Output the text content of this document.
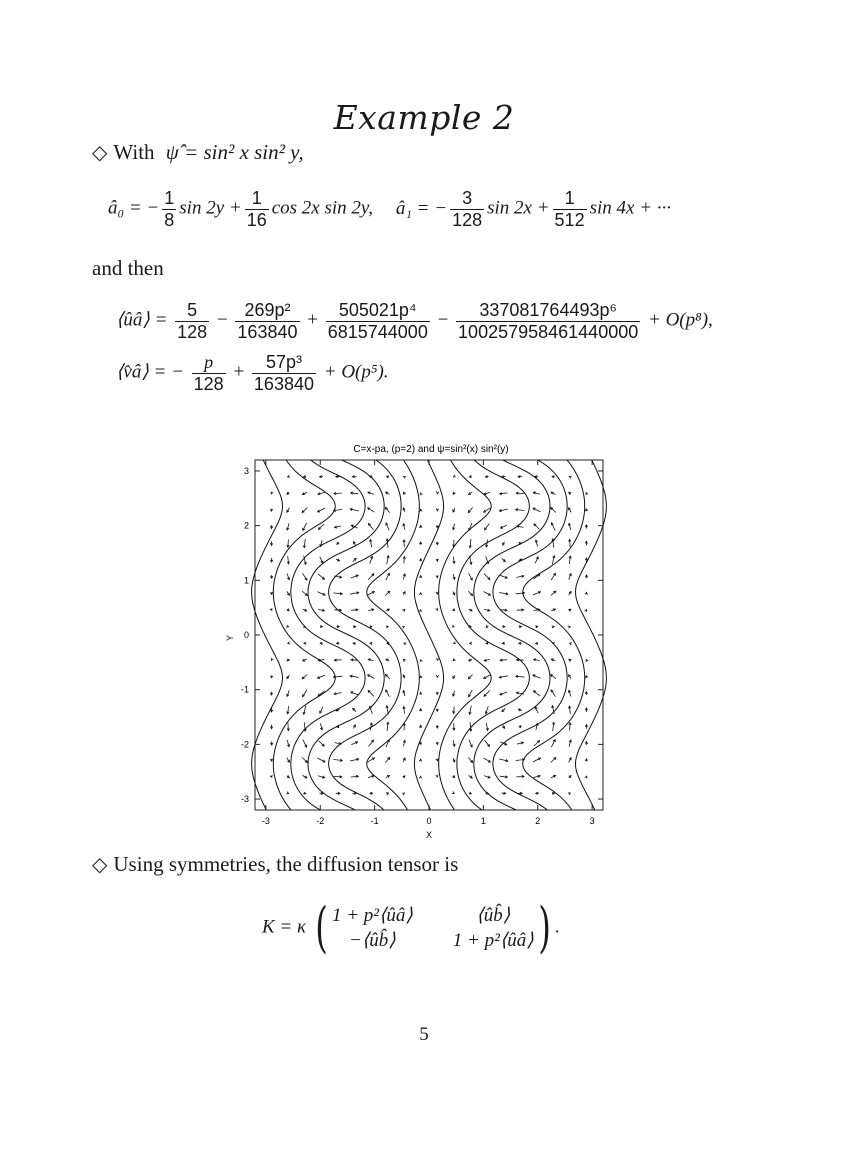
Example 2
◇ With ψ̂ = sin² x sin² y,
â₀ = − $\frac{1}{8}$ $\sin 2y + \frac{1}{16}$ cos 2x sin 2y, â₁ = − $\frac{3}{128}$ $\sin 2x + \frac{1}{512}$ sin 4x + ···
and then
⟨ûâ⟩ = $\frac{5}{128} - \frac{\text{269p²}}{163840} + \frac{\text{505021p⁴}}{6815744000} - \frac{\text{337081764493p⁶}}{100257958461440000} + O(p^8)$,
⟨v̂â⟩ = − $\frac{p}{128} + \frac{\text{57p³}}{163840} + O(p^5)$.
C=x-pa, (p=2) and ψ=sin²(x) sin²(y)
-3	-2	-1	0	1	2	3
-3
-2
-1
0
1
2
3
X
Y
◇ Using symmetries, the diffusion tensor is
K = κ ( 1 + p²⟨ûâ⟩	⟨ûb̂⟩
−⟨ûb̂⟩	1 + p²⟨ûâ⟩ ) .
5
